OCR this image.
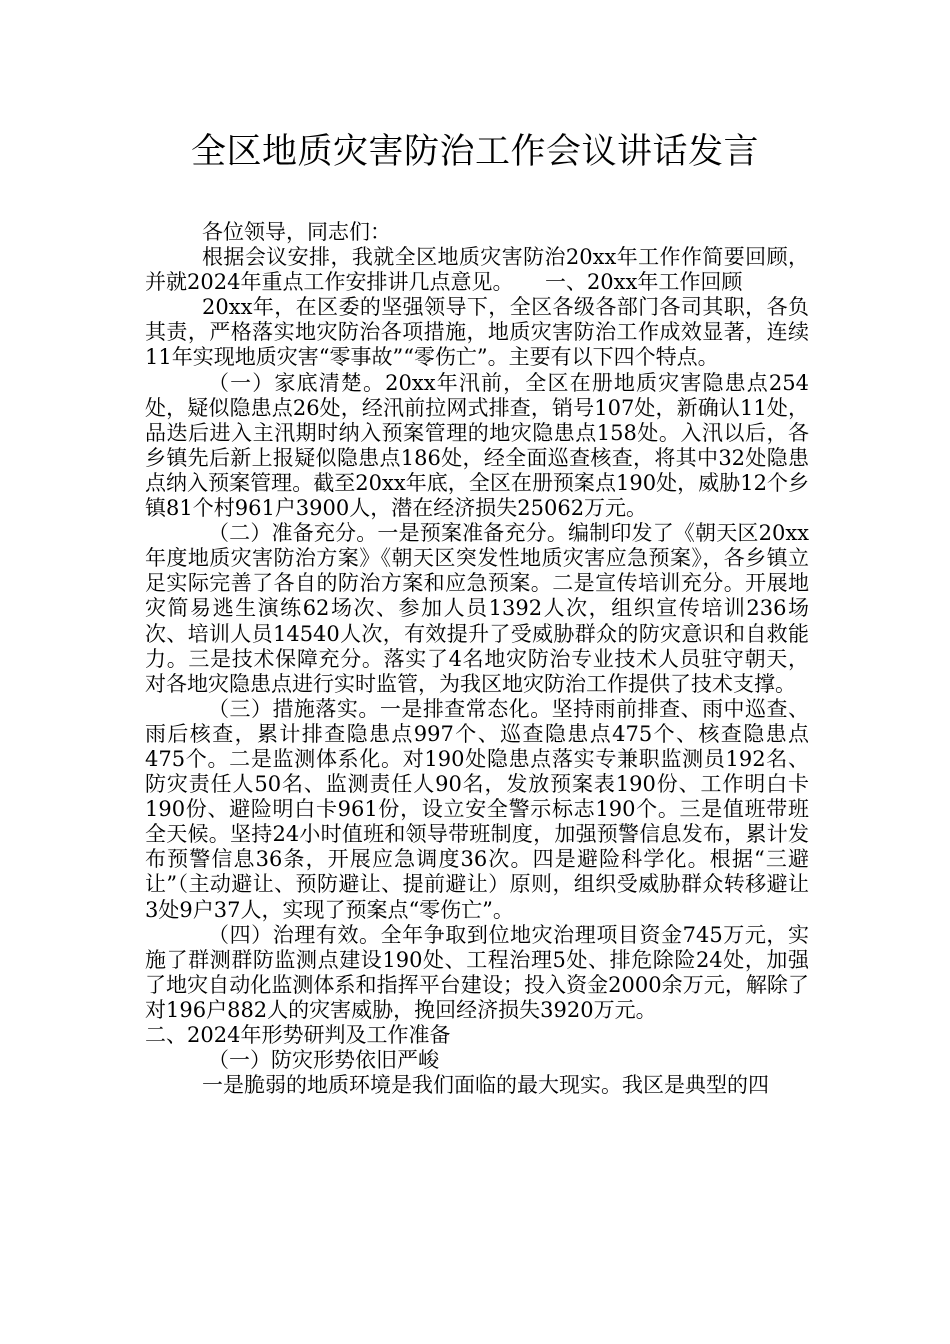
全区地质灾害防治工作会议讲话发言

各位领导，同志们：

根据会议安排，我就全区地质灾害防治20xx年工作作简要回顾，并就2024年重点工作安排讲几点意见。　　一、20xx年工作回顾

20xx年，在区委的坚强领导下，全区各级各部门各司其职，各负其责，严格落实地灾防治各项措施，地质灾害防治工作成效显著，连续11年实现地质灾害“零事故”“零伤亡”。主要有以下四个特点。

（一）家底清楚。20xx年汛前，全区在册地质灾害隐患点254处，疑似隐患点26处，经汛前拉网式排查，销号107处，新确认11处，品迭后进入主汛期时纳入预案管理的地灾隐患点158处。入汛以后，各乡镇先后新上报疑似隐患点186处，经全面巡查核查，将其中32处隐患点纳入预案管理。截至20xx年底，全区在册预案点190处，威胁12个乡镇81个村961户3900人，潜在经济损失25062万元。

（二）准备充分。一是预案准备充分。编制印发了《朝天区20xx年度地质灾害防治方案》《朝天区突发性地质灾害应急预案》，各乡镇立足实际完善了各自的防治方案和应急预案。二是宣传培训充分。开展地灾简易逃生演练62场次、参加人员1392人次，组织宣传培训236场次、培训人员14540人次，有效提升了受威胁群众的防灾意识和自救能力。三是技术保障充分。落实了4名地灾防治专业技术人员驻守朝天，对各地灾隐患点进行实时监管，为我区地灾防治工作提供了技术支撑。

（三）措施落实。一是排查常态化。坚持雨前排查、雨中巡查、雨后核查，累计排查隐患点997个、巡查隐患点475个、核查隐患点475个。二是监测体系化。对190处隐患点落实专兼职监测员192名、防灾责任人50名、监测责任人90名，发放预案表190份、工作明白卡190份、避险明白卡961份，设立安全警示标志190个。三是值班带班全天候。坚持24小时值班和领导带班制度，加强预警信息发布，累计发布预警信息36条，开展应急调度36次。四是避险科学化。根据“三避让”（主动避让、预防避让、提前避让）原则，组织受威胁群众转移避让3处9户37人，实现了预案点“零伤亡”。

（四）治理有效。全年争取到位地灾治理项目资金745万元，实施了群测群防监测点建设190处、工程治理5处、排危除险24处，加强了地灾自动化监测体系和指挥平台建设；投入资金2000余万元，解除了对196户882人的灾害威胁，挽回经济损失3920万元。

二、2024年形势研判及工作准备

（一）防灾形势依旧严峻

一是脆弱的地质环境是我们面临的最大现实。我区是典型的四
